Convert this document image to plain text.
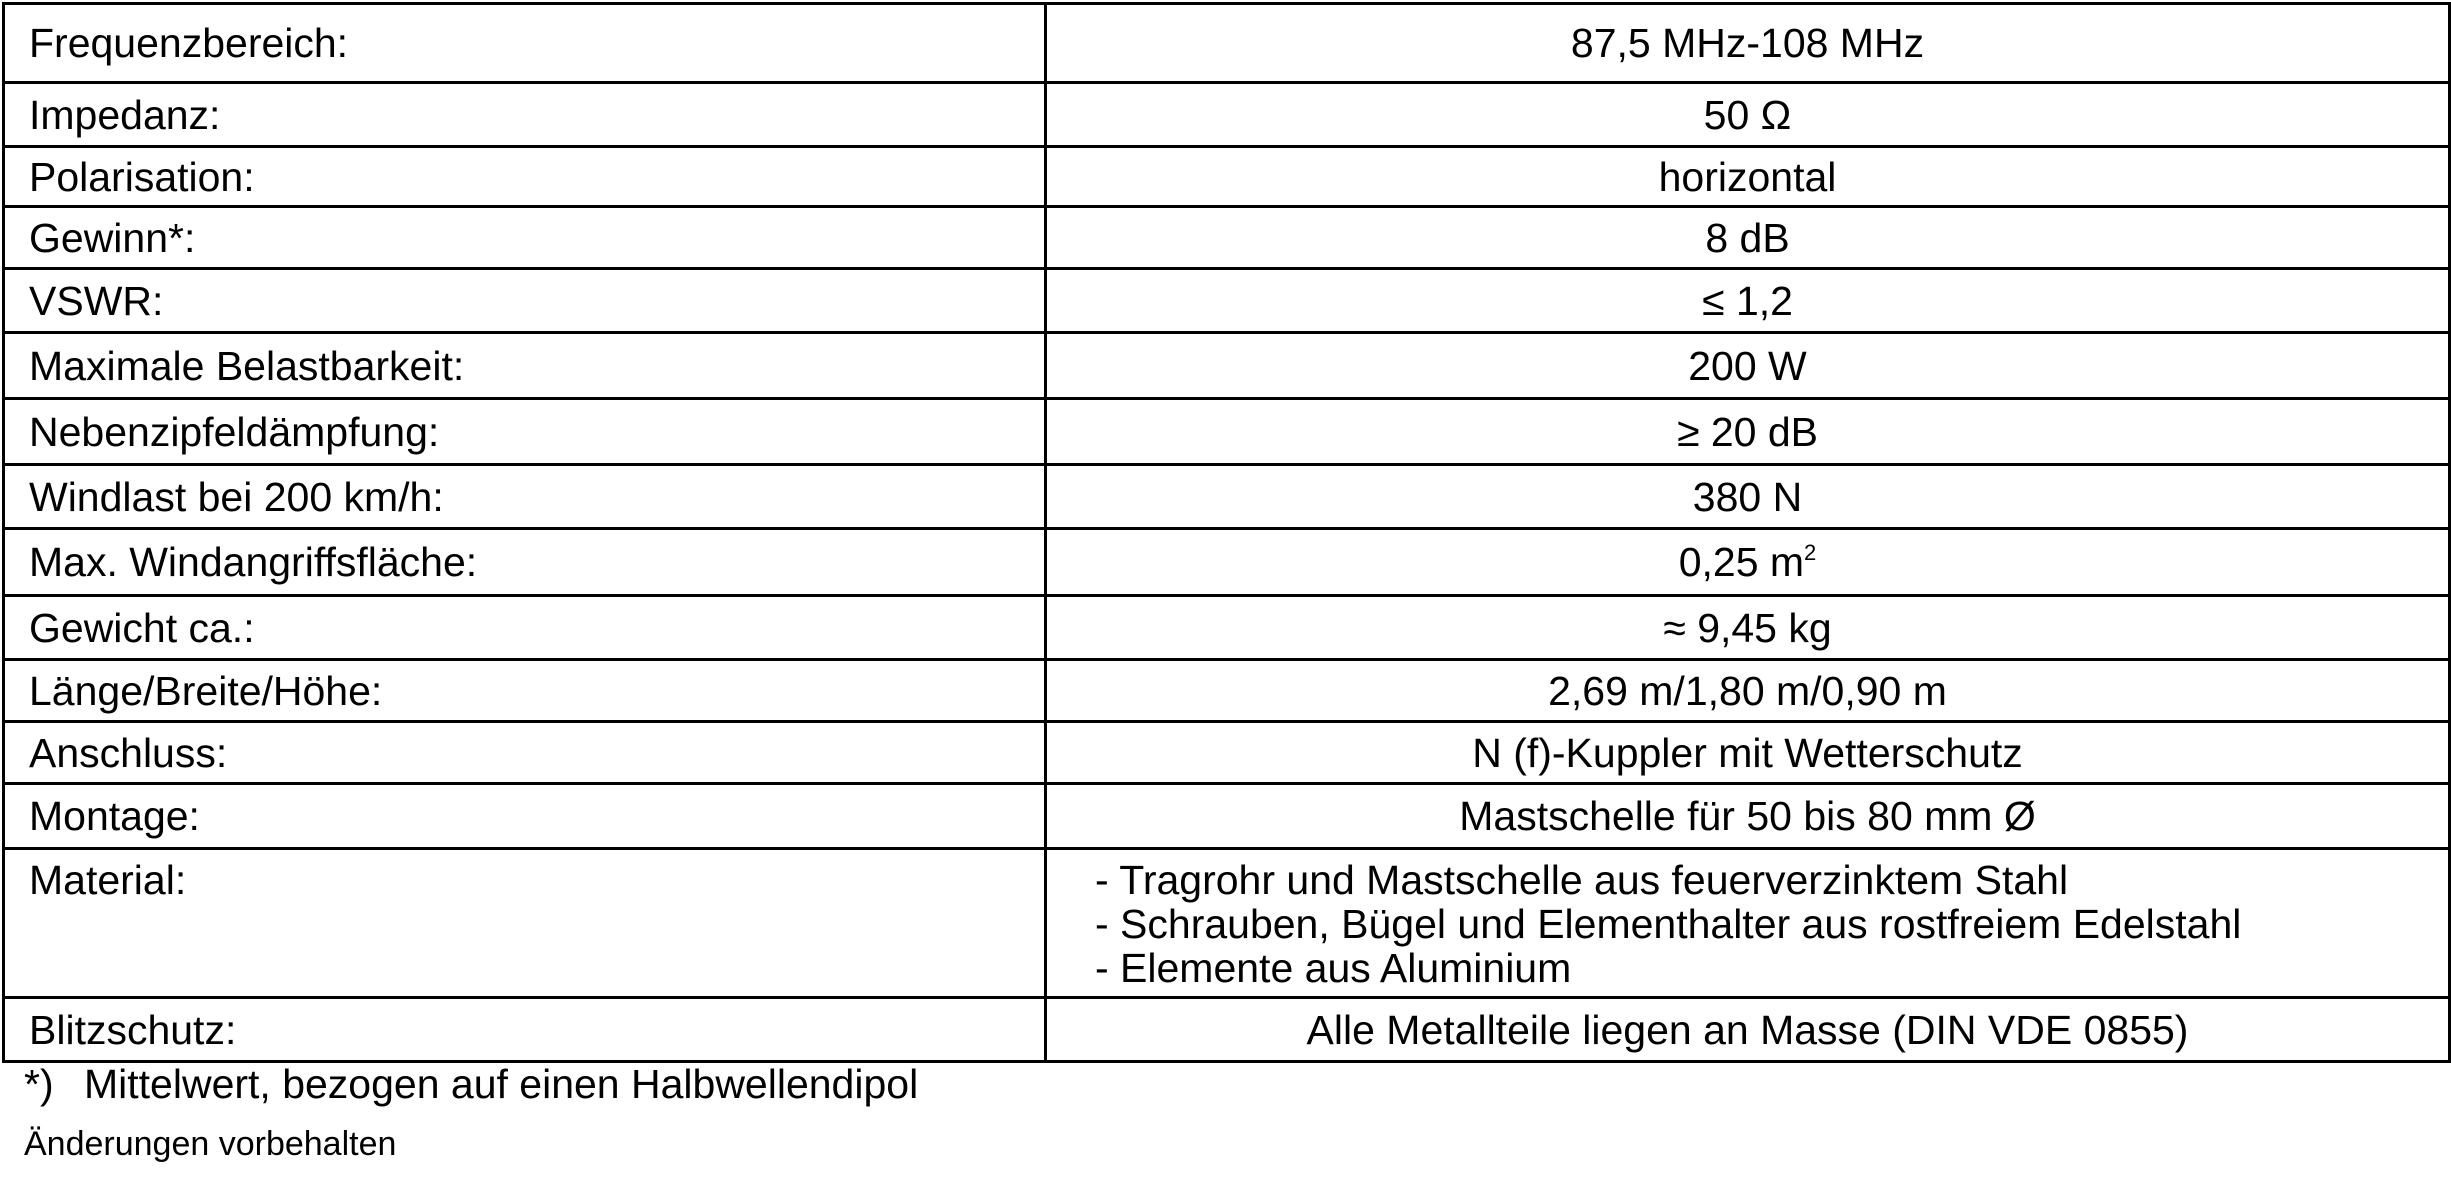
Frequenzbereich:	87,5 MHz-108 MHz
Impedanz:	50 Ω
Polarisation:	horizontal
Gewinn*:	8 dB
VSWR:	≤ 1,2
Maximale Belastbarkeit:	200 W
Nebenzipfeldämpfung:	≥ 20 dB
Windlast bei 200 km/h:	380 N
Max. Windangriffsfläche:	0,25 $m^2$
Gewicht ca.:	≈ 9,45 kg
Länge/Breite/Höhe:	2,69 m/1,80 m/0,90 m
Anschluss:	N (f)-Kuppler mit Wetterschutz
Montage:	Mastschelle für 50 bis 80 mm Ø
Material:	- Tragrohr und Mastschelle aus feuerverzinktem Stahl
- Schrauben, Bügel und Elementhalter aus rostfreiem Edelstahl
- Elemente aus Aluminium

Blitzschutz:	Alle Metallteile liegen an Masse (DIN VDE 0855)
*) Mittelwert, bezogen auf einen Halbwellendipol
Änderungen vorbehalten
